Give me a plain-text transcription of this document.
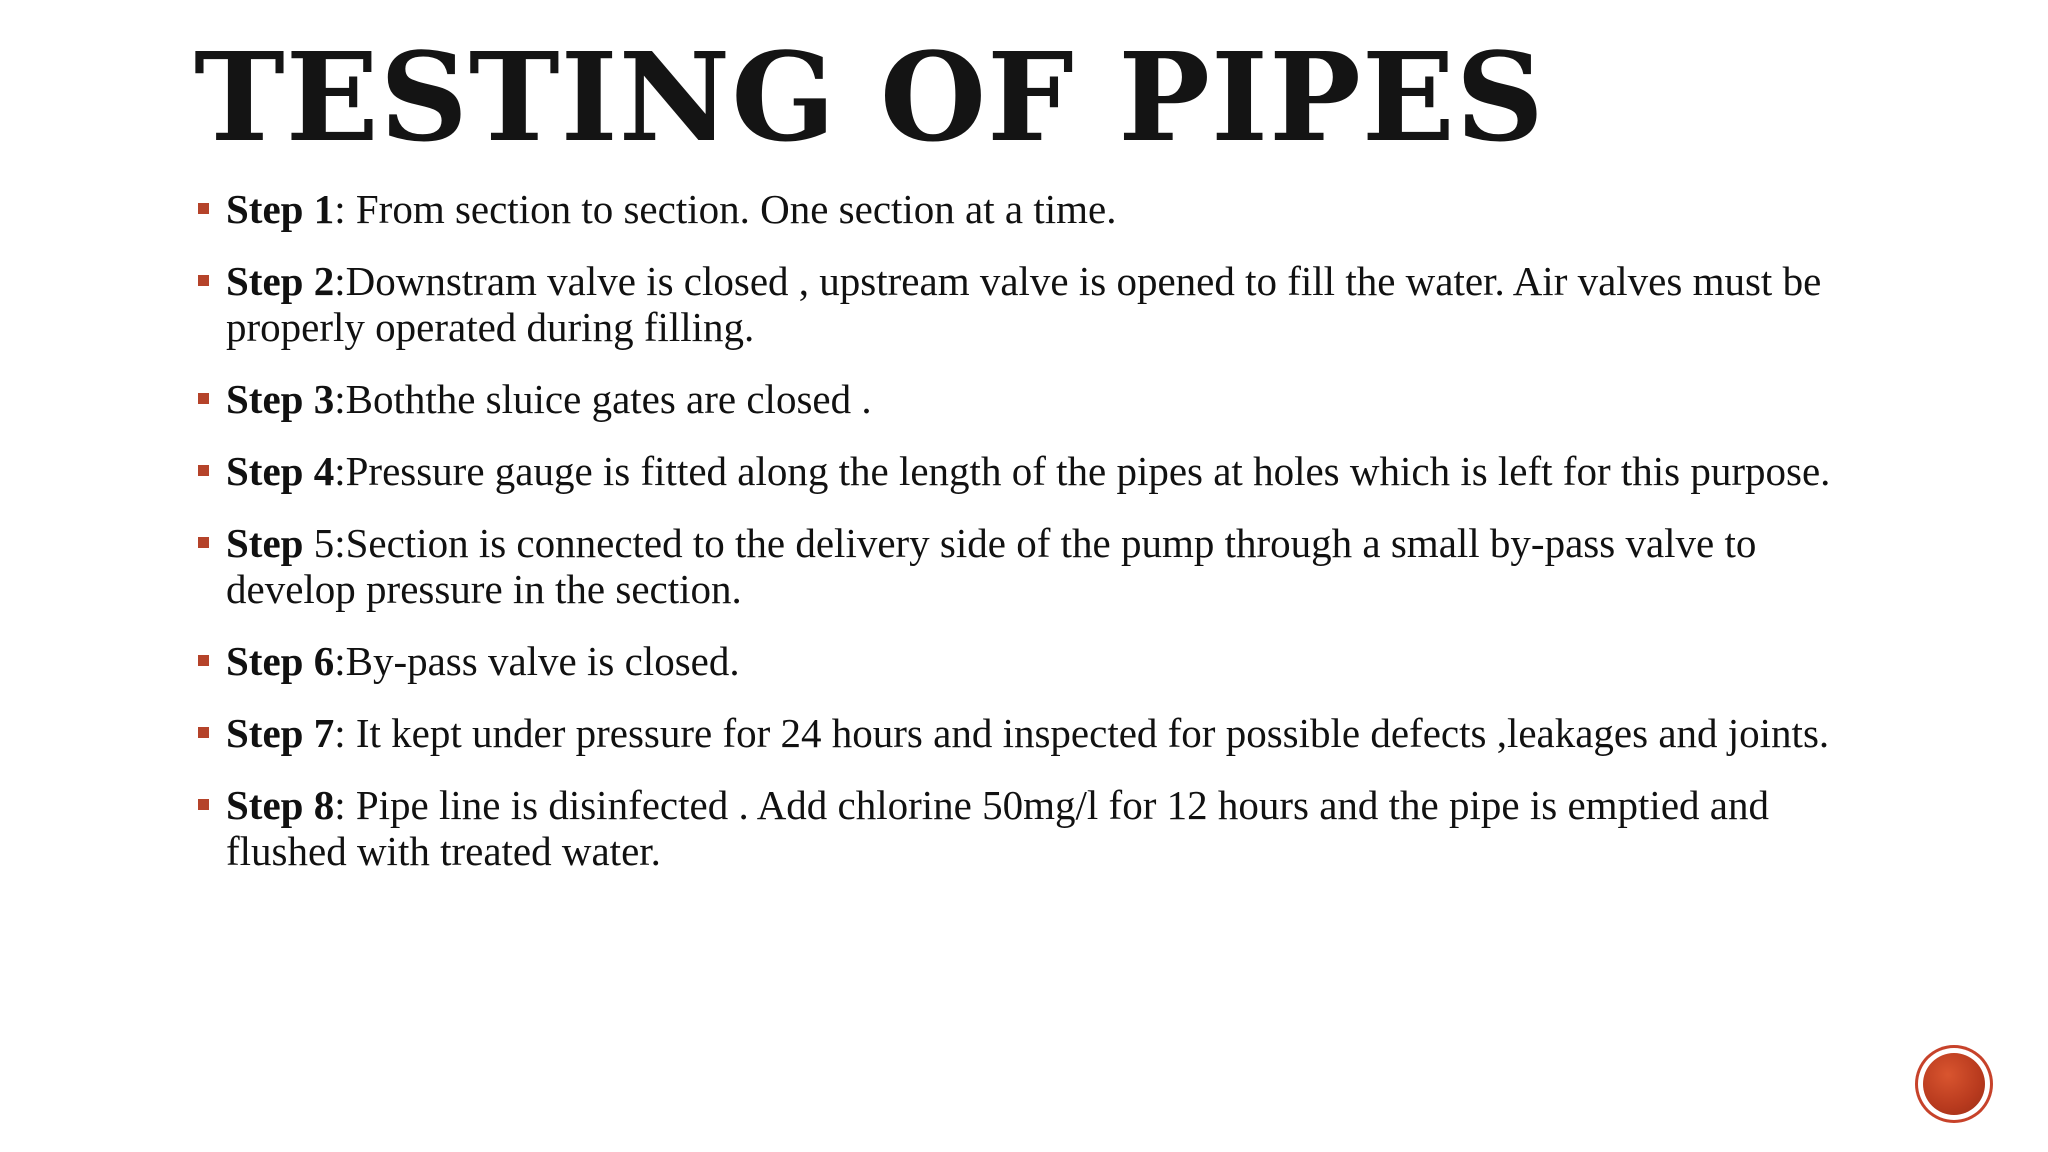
TESTING OF PIPES
Step 1: From section to section. One section at a time.
Step 2:Downstram valve is closed , upstream valve is opened to fill the water. Air valves must be properly operated during filling.
Step 3:Boththe sluice gates are closed .
Step 4:Pressure gauge is fitted along the length of the pipes at holes which is left for this purpose.
Step 5:Section is connected to the delivery side of the pump through a small by-pass valve to develop pressure in the section.
Step 6:By-pass valve is closed.
Step 7: It kept under pressure for 24 hours and inspected for possible defects ,leakages and joints.
Step 8: Pipe line is disinfected . Add chlorine 50mg/l for 12 hours and the pipe is emptied and flushed with treated water.
